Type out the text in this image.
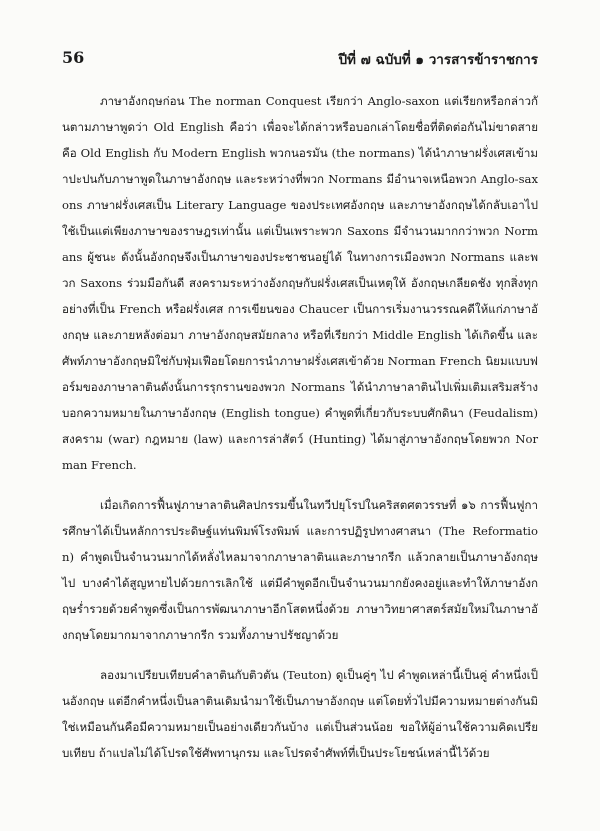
56	ปีที่ ๗ ฉบับที่ ๑ วารสารข้าราชการ

ภาษาอังกฤษก่อน The norman Conquest เรียกว่า Anglo-saxon แต่เรียกหรือกล่าวกันตามภาษาพูดว่า Old English คือว่า เพื่อจะได้กล่าวหรือบอกเล่าโดยชื่อที่ติดต่อกันไม่ขาดสาย คือ Old English กับ Modern English พวกนอรมัน (the normans) ได้นำภาษาฝรั่งเศสเข้ามาปะปนกับภาษาพูดในภาษาอังกฤษ และระหว่างที่พวก Normans มีอำนาจเหนือพวก Anglo-saxons ภาษาฝรั่งเศสเป็น Literary Language ของประเทศอังกฤษ และภาษาอังกฤษได้กลับเอาไปใช้เป็นแต่เพียงภาษาของราษฎรเท่านั้น แต่เป็นเพราะพวก Saxons มีจำนวนมากกว่าพวก Normans ผู้ชนะ ดังนั้นอังกฤษจึงเป็นภาษาของประชาชนอยู่ได้ ในทางการเมืองพวก Normans และพวก Saxons ร่วมมือกันดี สงครามระหว่างอังกฤษกับฝรั่งเศสเป็นเหตุให้ อังกฤษเกลียดชัง ทุกสิ่งทุกอย่างที่เป็น French หรือฝรั่งเศส การเขียนของ Chaucer เป็นการเริ่มงานวรรณคดีให้แก่ภาษาอังกฤษ และภายหลังต่อมา ภาษาอังกฤษสมัยกลาง หรือที่เรียกว่า Middle English ได้เกิดขึ้น และศัพท์ภาษาอังกฤษมิใช่กับฟุ่มเฟือยโดยการนำภาษาฝรั่งเศสเข้าด้วย Norman French นิยมแบบฟอร์มของภาษาลาตินดังนั้นการรุกรานของพวก Normans ได้นำภาษาลาตินไปเพิ่มเติมเสริมสร้างบอกความหมายในภาษาอังกฤษ (English tongue) คำพูดที่เกี่ยวกับระบบศักดินา (Feudalism) สงคราม (war) กฎหมาย (law) และการล่าสัตว์ (Hunting) ได้มาสู่ภาษาอังกฤษโดยพวก Norman French.

เมื่อเกิดการฟื้นฟูภาษาลาตินศิลปกรรมขึ้นในทวีปยุโรปในคริสตศตวรรษที่ ๑๖ การฟื้นฟูการศึกษาได้เป็นหลักการประดิษฐ์แท่นพิมพ์โรงพิมพ์ และการปฏิรูปทางศาสนา (The Reformation) คำพูดเป็นจำนวนมากได้หลั่งไหลมาจากภาษาลาตินและภาษากรีก แล้วกลายเป็นภาษาอังกฤษไป บางคำได้สูญหายไปด้วยการเลิกใช้ แต่มีคำพูดอีกเป็นจำนวนมากยังคงอยู่และทำให้ภาษาอังกฤษร่ำรวยด้วยคำพูดซึ่งเป็นการพัฒนาภาษาอีกโสตหนึ่งด้วย ภาษาวิทยาศาสตร์สมัยใหม่ในภาษาอังกฤษโดยมากมาจากภาษากรีก รวมทั้งภาษาปรัชญาด้วย

ลองมาเปรียบเทียบคำลาตินกับติวตัน (Teuton) ดูเป็นคู่ๆ ไป คำพูดเหล่านี้เป็นคู่ คำหนึ่งเป็นอังกฤษ แต่อีกคำหนึ่งเป็นลาตินเดิมนำมาใช้เป็นภาษาอังกฤษ แต่โดยทั่วไปมีความหมายต่างกันมิใช่เหมือนกันคือมีความหมายเป็นอย่างเดียวกันบ้าง แต่เป็นส่วนน้อย ขอให้ผู้อ่านใช้ความคิดเปรียบเทียบ ถ้าแปลไม่ได้โปรดใช้ศัพทานุกรม และโปรดจำศัพท์ที่เป็นประโยชน์เหล่านี้ไว้ด้วย
